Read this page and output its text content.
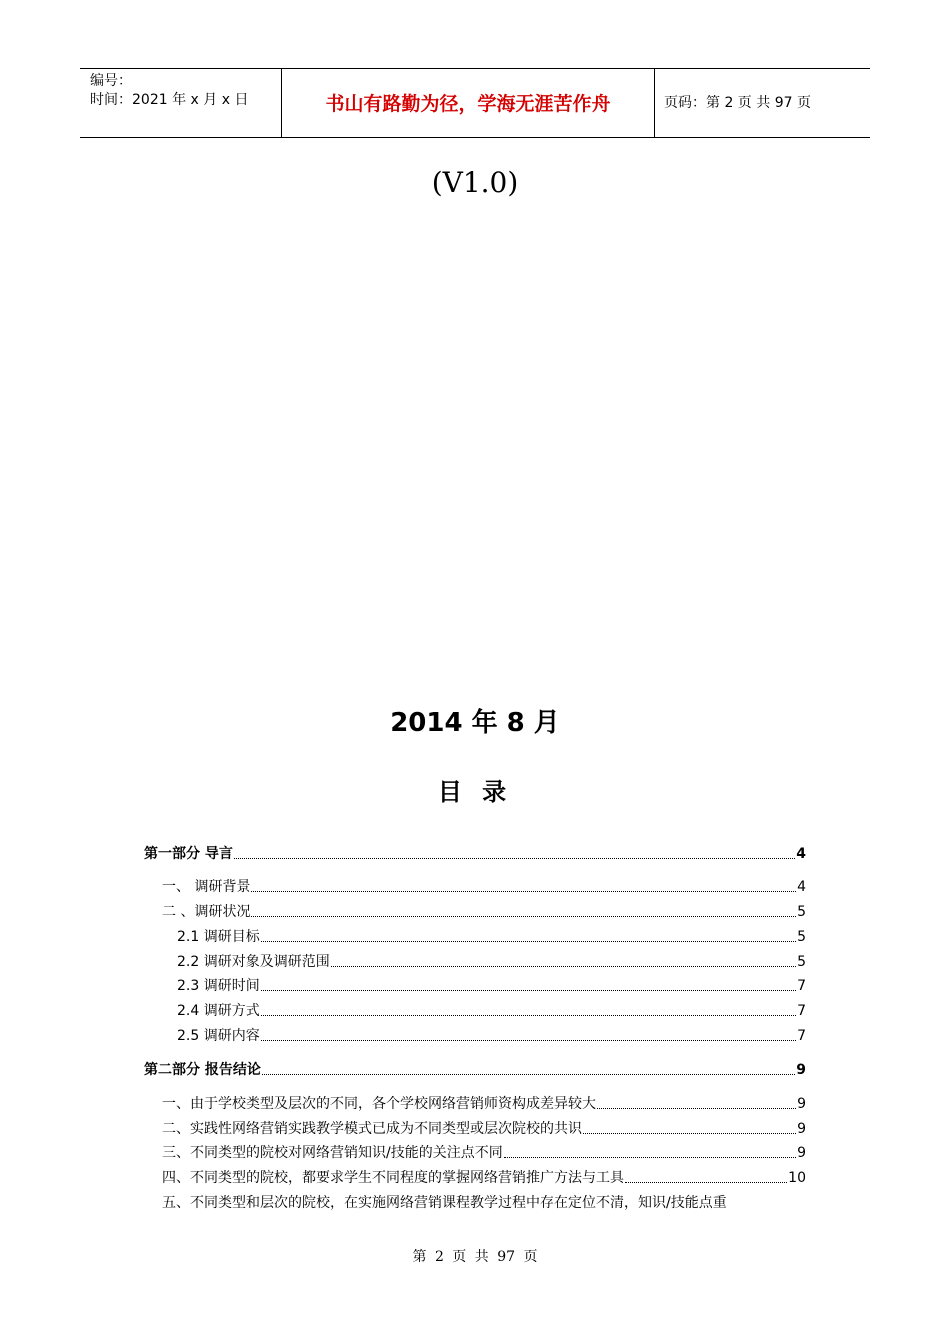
编号：
时间：2021 年 x 月 x 日	书山有路勤为径，学海无涯苦作舟	页码：第 2 页 共 97 页
(V1.0)
2014 年 8 月
目 录
第一部分 导言	4
一、 调研背景	4
二 、调研状况	5
2.1 调研目标	5
2.2 调研对象及调研范围	5
2.3 调研时间	7
2.4 调研方式	7
2.5 调研内容	7
第二部分 报告结论	9
一、由于学校类型及层次的不同，各个学校网络营销师资构成差异较大	9
二、实践性网络营销实践教学模式已成为不同类型或层次院校的共识	9
三、不同类型的院校对网络营销知识/技能的关注点不同	9
四、不同类型的院校，都要求学生不同程度的掌握网络营销推广方法与工具	10
五、不同类型和层次的院校，在实施网络营销课程教学过程中存在定位不清，知识/技能点重
第 2 页 共 97 页
